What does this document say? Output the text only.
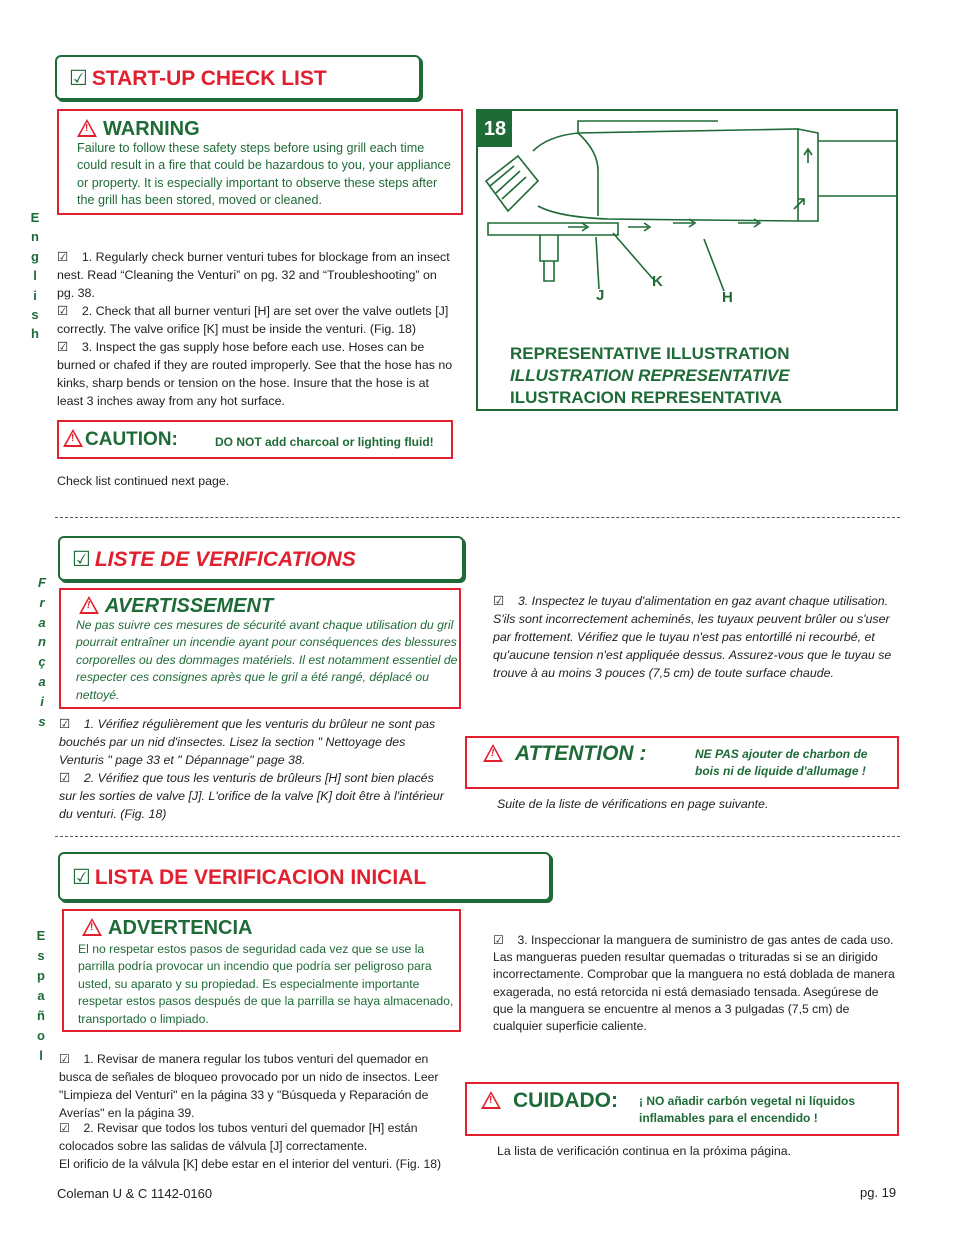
☑ START-UP CHECK LIST
E
n
g
l
i
s
h
!WARNING
Failure to follow these safety steps before using grill each time could result in a fire that could be hazardous to you, your appliance or property. It is especially important to observe these steps after the grill has been stored, moved or cleaned.
☑ 1. Regularly check burner venturi tubes for blockage from an insect nest. Read “Cleaning the Venturi” on pg. 32 and “Troubleshooting” on pg. 38.
☑ 2. Check that all burner venturi [H] are set over the valve outlets [J] correctly. The valve orifice [K] must be inside the venturi. (Fig. 18)
☑ 3. Inspect the gas supply hose before each use. Hoses can be burned or chafed if they are routed improperly. See that the hose has no kinks, sharp bends or tension on the hose. Insure that the hose is at least 3 inches away from any hot surface.
!CAUTION:	DO NOT add charcoal or lighting fluid!
Check list continued next page.
18
J
K
H
REPRESENTATIVE ILLUSTRATION
ILLUSTRATION REPRESENTATIVE
ILUSTRACION REPRESENTATIVA
☑ LISTE DE VERIFICATIONS
F
r
a
n
ç
a
i
s
!AVERTISSEMENT
Ne pas suivre ces mesures de sécurité avant chaque utilisation du gril pourrait entraîner un incendie ayant pour conséquences des blessures corporelles ou des dommages matériels. Il est notamment essentiel de respecter ces consignes après que le gril a été rangé, déplacé ou nettoyé.
☑ 1. Vérifiez régulièrement que les venturis du brûleur ne sont pas bouchés par un nid d'insectes. Lisez la section " Nettoyage des Venturis " page 33 et " Dépannage" page 38.
☑ 2. Vérifiez que tous les venturis de brûleurs [H] sont bien placés sur les sorties de valve [J]. L'orifice de la valve [K] doit être à l'intérieur du venturi. (Fig. 18)
☑ 3. Inspectez le tuyau d'alimentation en gaz avant chaque utilisation. S'ils sont incorrectement acheminés, les tuyaux peuvent brûler ou s'user par frottement. Vérifiez que le tuyau n'est pas entortillé ni recourbé, et qu'aucune tension n'est appliquée dessus. Assurez-vous que le tuyau se trouve à au moins 3 pouces (7,5 cm) de toute surface chaude.
!ATTENTION :	NE PAS ajouter de charbon de bois ni de liquide d'allumage !
Suite de la liste de vérifications en page suivante.
☑ LISTA DE VERIFICACION INICIAL
E
s
p
a
ñ
o
l
!ADVERTENCIA
El no respetar estos pasos de seguridad cada vez que se use la parrilla podría provocar un incendio que podría ser peligroso para usted, su aparato y su propiedad. Es especialmente importante respetar estos pasos después de que la parrilla se haya almacenado, transportado o limpiado.
☑ 1. Revisar de manera regular los tubos venturi del quemador en busca de señales de bloqueo provocado por un nido de insectos. Leer "Limpieza del Venturi" en la página 33 y "Búsqueda y Reparación de Averías" en la página 39.
☑ 2. Revisar que todos los tubos venturi del quemador [H] están colocados sobre las salidas de válvula [J] correctamente.
El orificio de la válvula [K] debe estar en el interior del venturi. (Fig. 18)
☑ 3. Inspeccionar la manguera de suministro de gas antes de cada uso. Las mangueras pueden resultar quemadas o trituradas si se an dirigido incorrectamente. Comprobar que la manguera no está doblada de manera exagerada, no está retorcida ni está demasiado tensada. Asegúrese de que la manguera se encuentre al menos a 3 pulgadas (7,5 cm) de cualquier superficie caliente.
!CUIDADO: ¡ NO añadir carbón vegetal ni líquidos inflamables para el encendido !
La lista de verificación continua en la próxima página.
Coleman U & C 1142-0160	pg. 19
